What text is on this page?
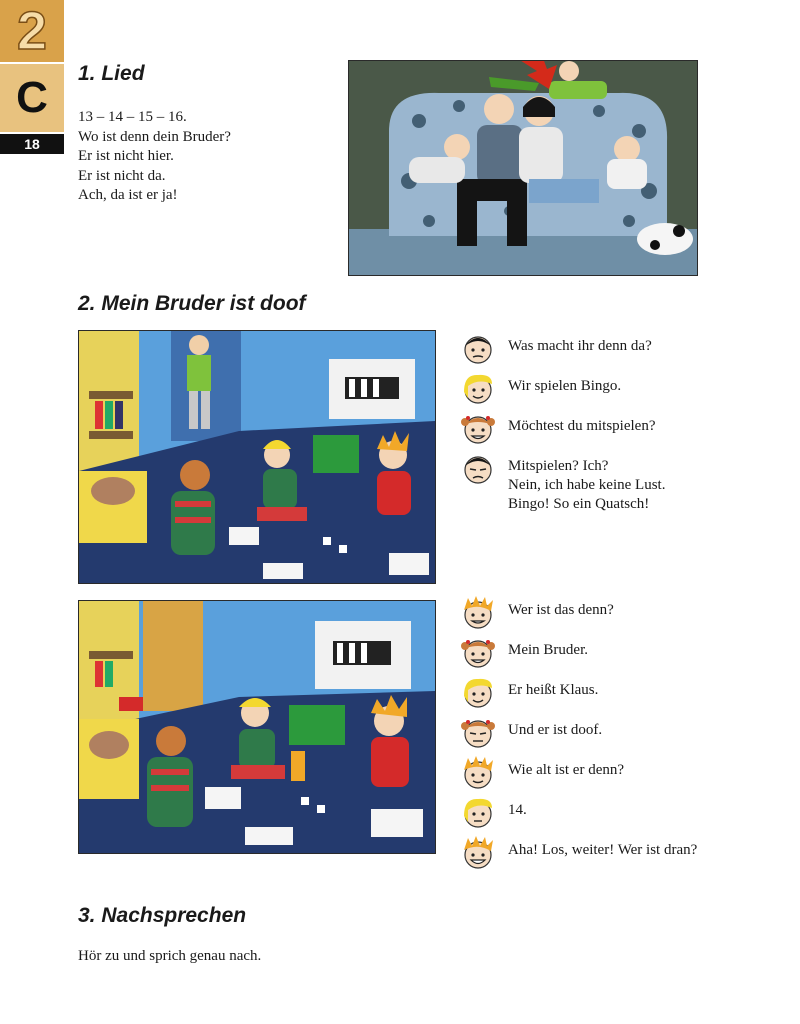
2
C
18
1. Lied
13 – 14 – 15 – 16.
Wo ist denn dein Bruder?
Er ist nicht hier.
Er ist nicht da.
Ach, da ist er ja!
2. Mein Bruder ist doof
Was macht ihr denn da?
Wir spielen Bingo.
Möchtest du mitspielen?
Mitspielen? Ich?
Nein, ich habe keine Lust.
Bingo! So ein Quatsch!
Wer ist das denn?
Mein Bruder.
Er heißt Klaus.
Und er ist doof.
Wie alt ist er denn?
14.
Aha! Los, weiter! Wer ist dran?
3. Nachsprechen
Hör zu und sprich genau nach.
